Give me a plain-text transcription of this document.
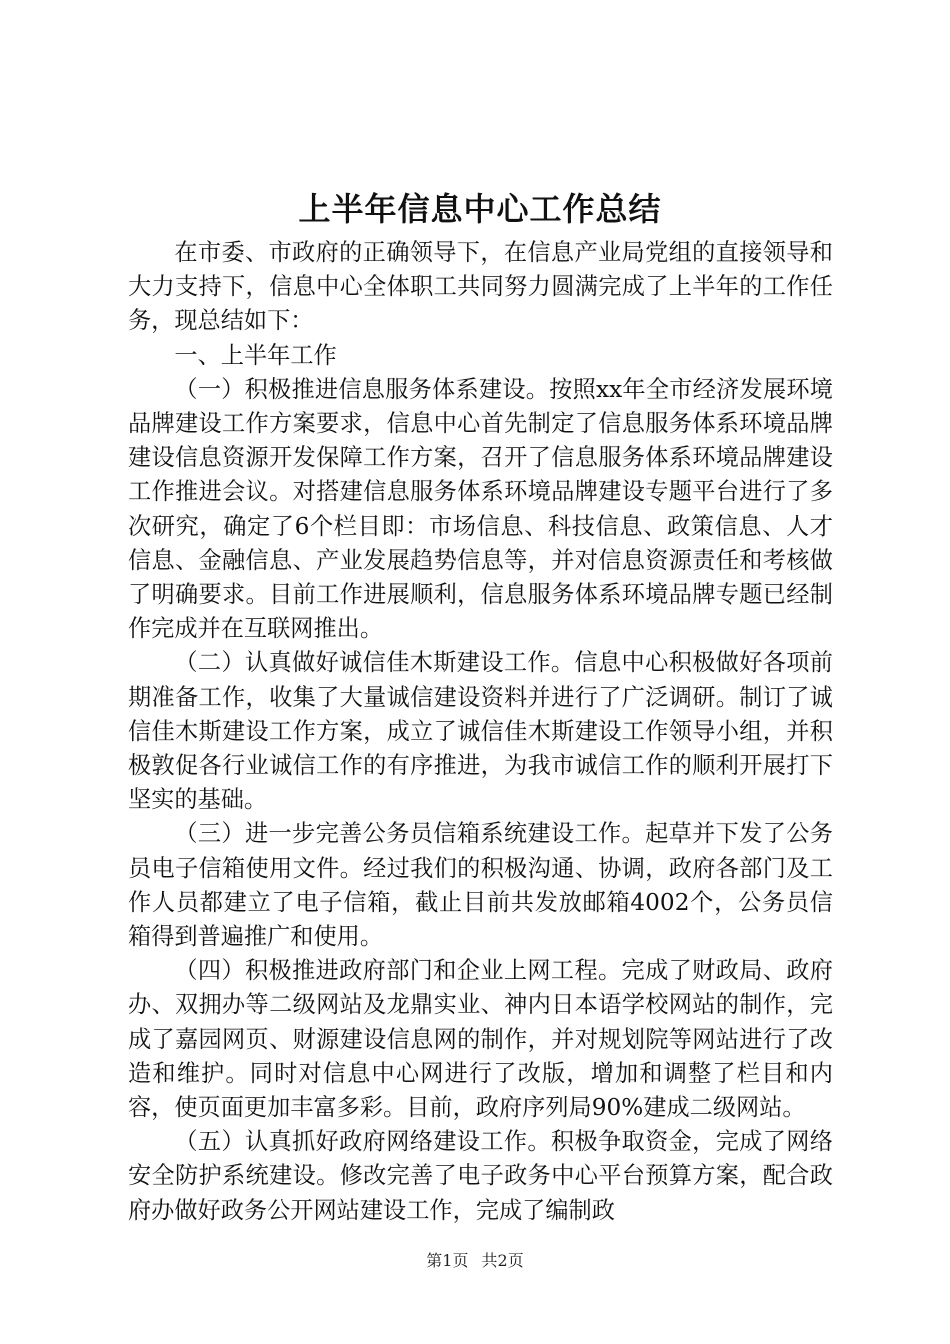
上半年信息中心工作总结

在市委、市政府的正确领导下，在信息产业局党组的直接领导和大力支持下，信息中心全体职工共同努力圆满完成了上半年的工作任务，现总结如下：

一、上半年工作

（一）积极推进信息服务体系建设。按照xx年全市经济发展环境品牌建设工作方案要求，信息中心首先制定了信息服务体系环境品牌建设信息资源开发保障工作方案，召开了信息服务体系环境品牌建设工作推进会议。对搭建信息服务体系环境品牌建设专题平台进行了多次研究，确定了6个栏目即：市场信息、科技信息、政策信息、人才信息、金融信息、产业发展趋势信息等，并对信息资源责任和考核做了明确要求。目前工作进展顺利，信息服务体系环境品牌专题已经制作完成并在互联网推出。

（二）认真做好诚信佳木斯建设工作。信息中心积极做好各项前期准备工作，收集了大量诚信建设资料并进行了广泛调研。制订了诚信佳木斯建设工作方案，成立了诚信佳木斯建设工作领导小组，并积极敦促各行业诚信工作的有序推进，为我市诚信工作的顺利开展打下坚实的基础。

（三）进一步完善公务员信箱系统建设工作。起草并下发了公务员电子信箱使用文件。经过我们的积极沟通、协调，政府各部门及工作人员都建立了电子信箱，截止目前共发放邮箱4002个，公务员信箱得到普遍推广和使用。

（四）积极推进政府部门和企业上网工程。完成了财政局、政府办、双拥办等二级网站及龙鼎实业、神内日本语学校网站的制作，完成了嘉园网页、财源建设信息网的制作，并对规划院等网站进行了改造和维护。同时对信息中心网进行了改版，增加和调整了栏目和内容，使页面更加丰富多彩。目前，政府序列局90%建成二级网站。

（五）认真抓好政府网络建设工作。积极争取资金，完成了网络安全防护系统建设。修改完善了电子政务中心平台预算方案，配合政府办做好政务公开网站建设工作，完成了编制政

第1页 共2页
